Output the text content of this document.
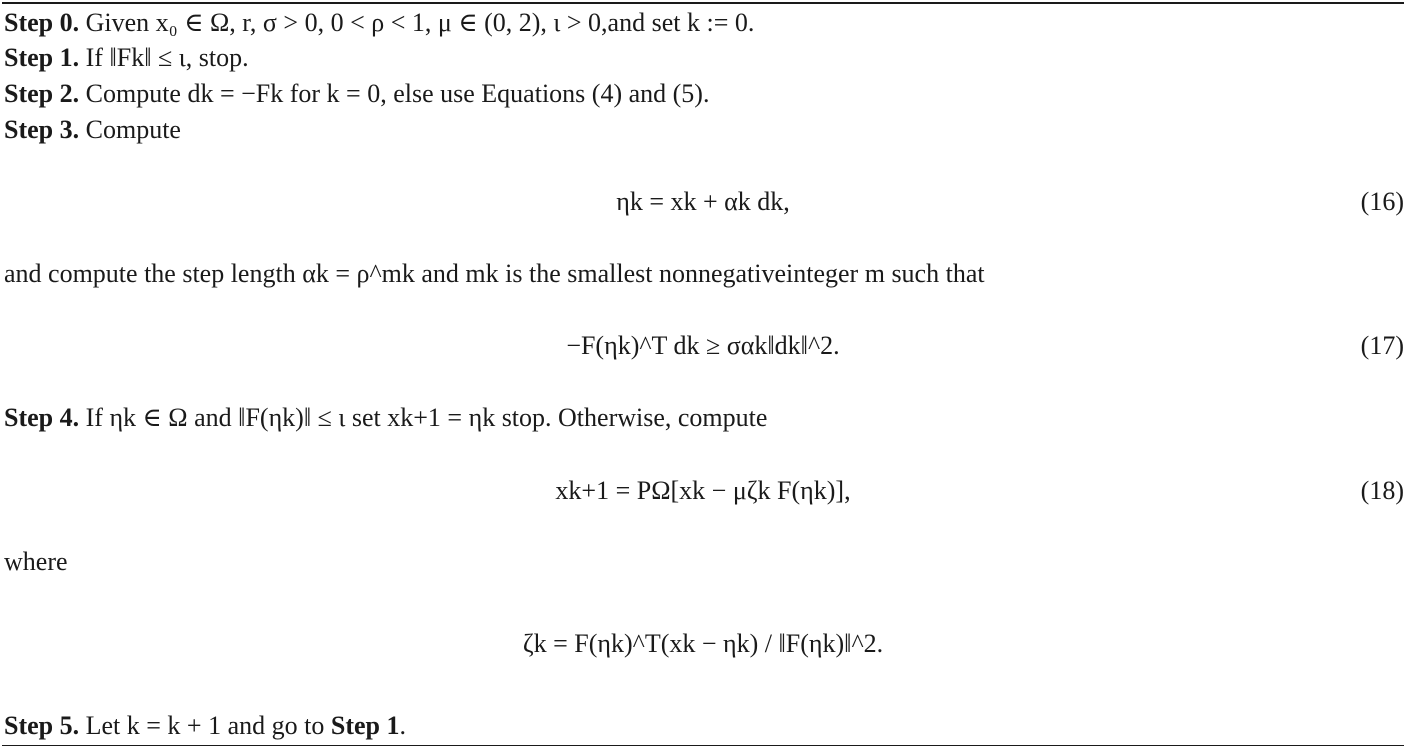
Step 0. Given x₀ ∈ Ω, r, σ > 0, 0 < ρ < 1, μ ∈ (0, 2), ι > 0,and set k := 0.
Step 1. If ‖Fk‖ ≤ ι, stop.
Step 2. Compute dk = −Fk for k = 0, else use Equations (4) and (5).
Step 3. Compute
ηk = xk + αk dk,	(16)
and compute the step length αk = ρ^mk and mk is the smallest nonnegativeinteger m such that
−F(ηk)^T dk ≥ σαk‖dk‖^2.	(17)
Step 4. If ηk ∈ Ω and ‖F(ηk)‖ ≤ ι set xk+1 = ηk stop. Otherwise, compute
xk+1 = PΩ[xk − μζk F(ηk)],	(18)
where
ζk = F(ηk)^T(xk − ηk) / ‖F(ηk)‖^2.
Step 5. Let k = k + 1 and go to Step 1.
